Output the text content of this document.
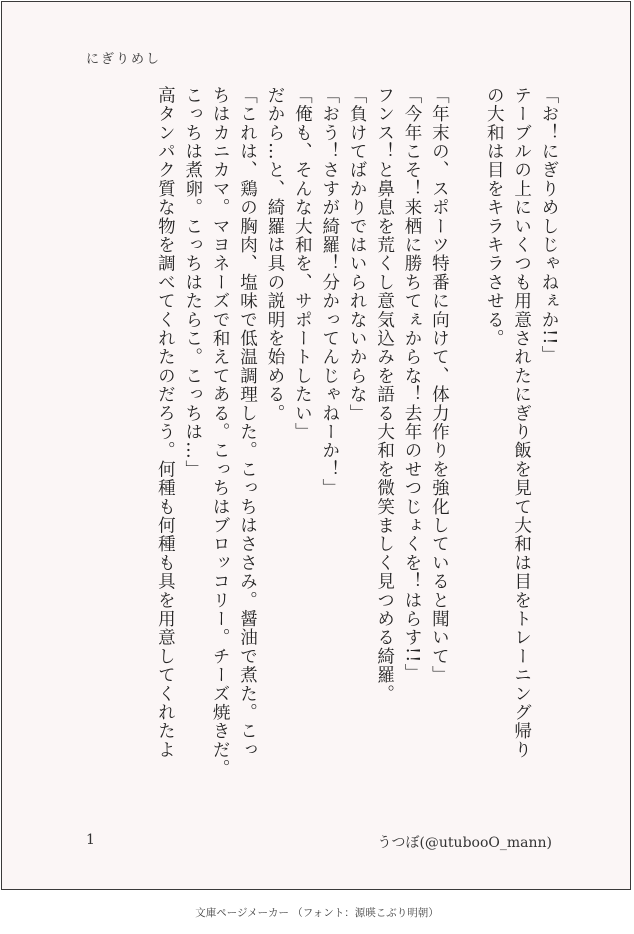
にぎりめし
「お！にぎりめしじゃねぇか!!」
テーブルの上にいくつも用意されたにぎり飯を見て大和は目をトレーニング帰り
の大和は目をキラキラさせる。
「年末の、スポーツ特番に向けて、体力作りを強化していると聞いて」
「今年こそ！来栖に勝ちてぇからな！去年のせつじょくを！はらす!!」
フンス！と鼻息を荒くし意気込みを語る大和を微笑ましく見つめる綺羅。
「負けてばかりではいられないからな」
「おう！さすが綺羅！分かってんじゃねーか！」
「俺も、そんな大和を、サポートしたい」
だから…と、綺羅は具の説明を始める。
「これは、鶏の胸肉、塩味で低温調理した。こっちはささみ。醤油で煮た。こっ
ちはカニカマ。マヨネーズで和えてある。こっちはブロッコリー。チーズ焼きだ。
こっちは煮卵。こっちはたらこ。こっちは…」
高タンパク質な物を調べてくれたのだろう。何種も何種も具を用意してくれたよ
1	うつぼ(@utubooO_mann)
文庫ページメーカー （フォント：源暎こぶり明朝）
